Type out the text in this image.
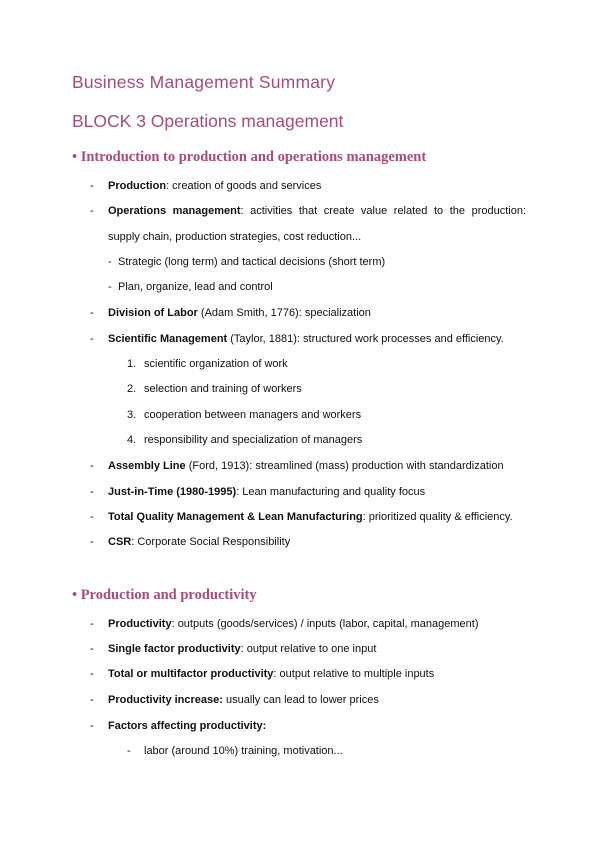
Business Management Summary
BLOCK 3 Operations management
• Introduction to production and operations management
- Production: creation of goods and services
- Operations management: activities that create value related to the production:
supply chain, production strategies, cost reduction...
- Strategic (long term) and tactical decisions (short term)
- Plan, organize, lead and control
- Division of Labor (Adam Smith, 1776): specialization
- Scientific Management (Taylor, 1881): structured work processes and efficiency.
1. scientific organization of work
2. selection and training of workers
3. cooperation between managers and workers
4. responsibility and specialization of managers
- Assembly Line (Ford, 1913): streamlined (mass) production with standardization
- Just-in-Time (1980-1995): Lean manufacturing and quality focus
- Total Quality Management & Lean Manufacturing: prioritized quality & efficiency.
- CSR: Corporate Social Responsibility
• Production and productivity
- Productivity: outputs (goods/services) / inputs (labor, capital, management)
- Single factor productivity: output relative to one input
- Total or multifactor productivity: output relative to multiple inputs
- Productivity increase: usually can lead to lower prices
- Factors affecting productivity:
- labor (around 10%) training, motivation...
